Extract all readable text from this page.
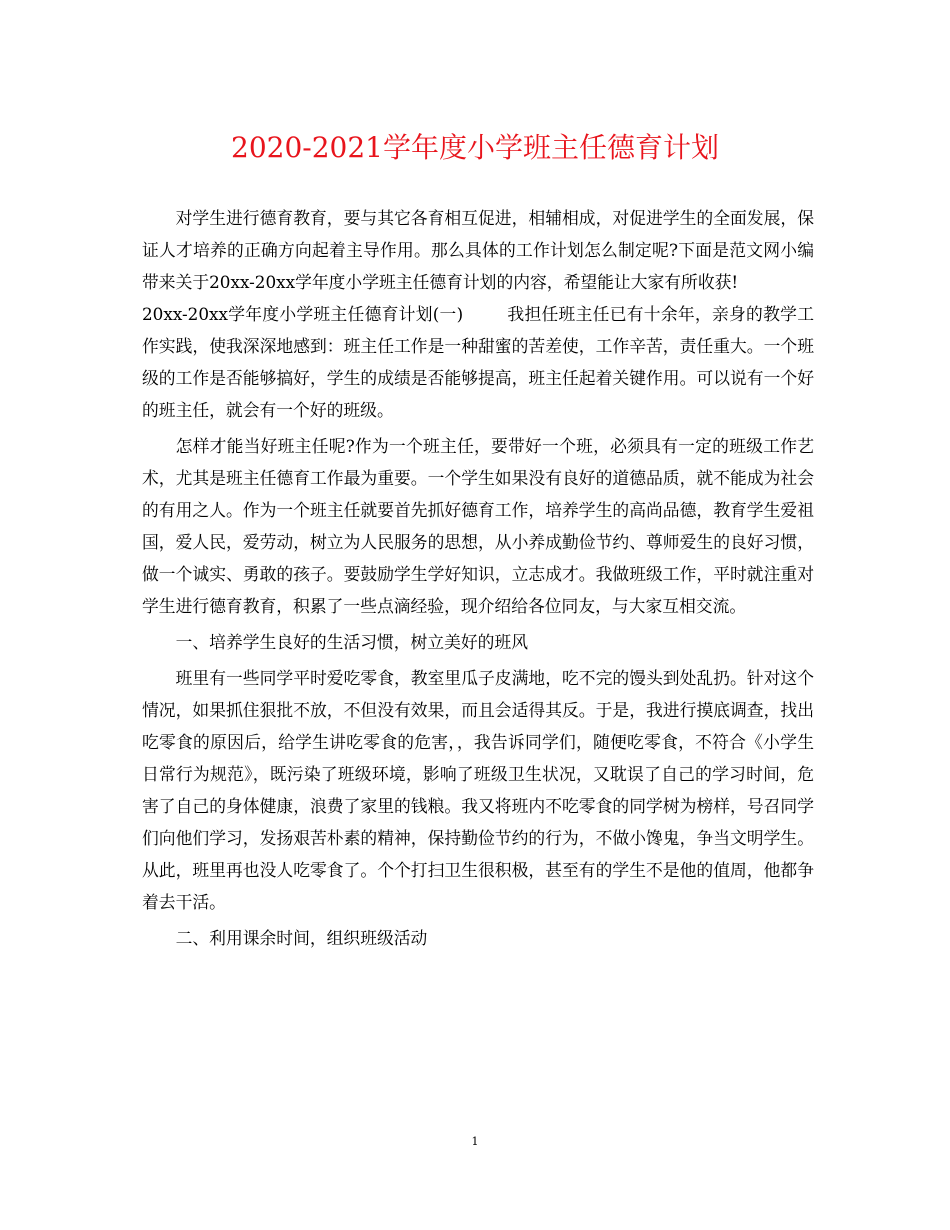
2020-2021学年度小学班主任德育计划

对学生进行德育教育，要与其它各育相互促进，相辅相成，对促进学生的全面发展，保证人才培养的正确方向起着主导作用。那么具体的工作计划怎么制定呢?下面是范文网小编带来关于20xx-20xx学年度小学班主任德育计划的内容，希望能让大家有所收获!

20xx-20xx学年度小学班主任德育计划(一)	我担任班主任已有十余年，亲身的教学工作实践，使我深深地感到：班主任工作是一种甜蜜的苦差使，工作辛苦，责任重大。一个班级的工作是否能够搞好，学生的成绩是否能够提高，班主任起着关键作用。可以说有一个好的班主任，就会有一个好的班级。

怎样才能当好班主任呢?作为一个班主任，要带好一个班，必须具有一定的班级工作艺术，尤其是班主任德育工作最为重要。一个学生如果没有良好的道德品质，就不能成为社会的有用之人。作为一个班主任就要首先抓好德育工作，培养学生的高尚品德，教育学生爱祖国，爱人民，爱劳动，树立为人民服务的思想，从小养成勤俭节约、尊师爱生的良好习惯，做一个诚实、勇敢的孩子。要鼓励学生学好知识，立志成才。我做班级工作，平时就注重对学生进行德育教育，积累了一些点滴经验，现介绍给各位同友，与大家互相交流。

一、培养学生良好的生活习惯，树立美好的班风

班里有一些同学平时爱吃零食，教室里瓜子皮满地，吃不完的馒头到处乱扔。针对这个情况，如果抓住狠批不放，不但没有效果，而且会适得其反。于是，我进行摸底调查，找出吃零食的原因后，给学生讲吃零食的危害，，我告诉同学们，随便吃零食，不符合《小学生日常行为规范》，既污染了班级环境，影响了班级卫生状况，又耽误了自己的学习时间，危害了自己的身体健康，浪费了家里的钱粮。我又将班内不吃零食的同学树为榜样，号召同学们向他们学习，发扬艰苦朴素的精神，保持勤俭节约的行为，不做小馋鬼，争当文明学生。从此，班里再也没人吃零食了。个个打扫卫生很积极，甚至有的学生不是他的值周，他都争着去干活。

二、利用课余时间，组织班级活动

1
